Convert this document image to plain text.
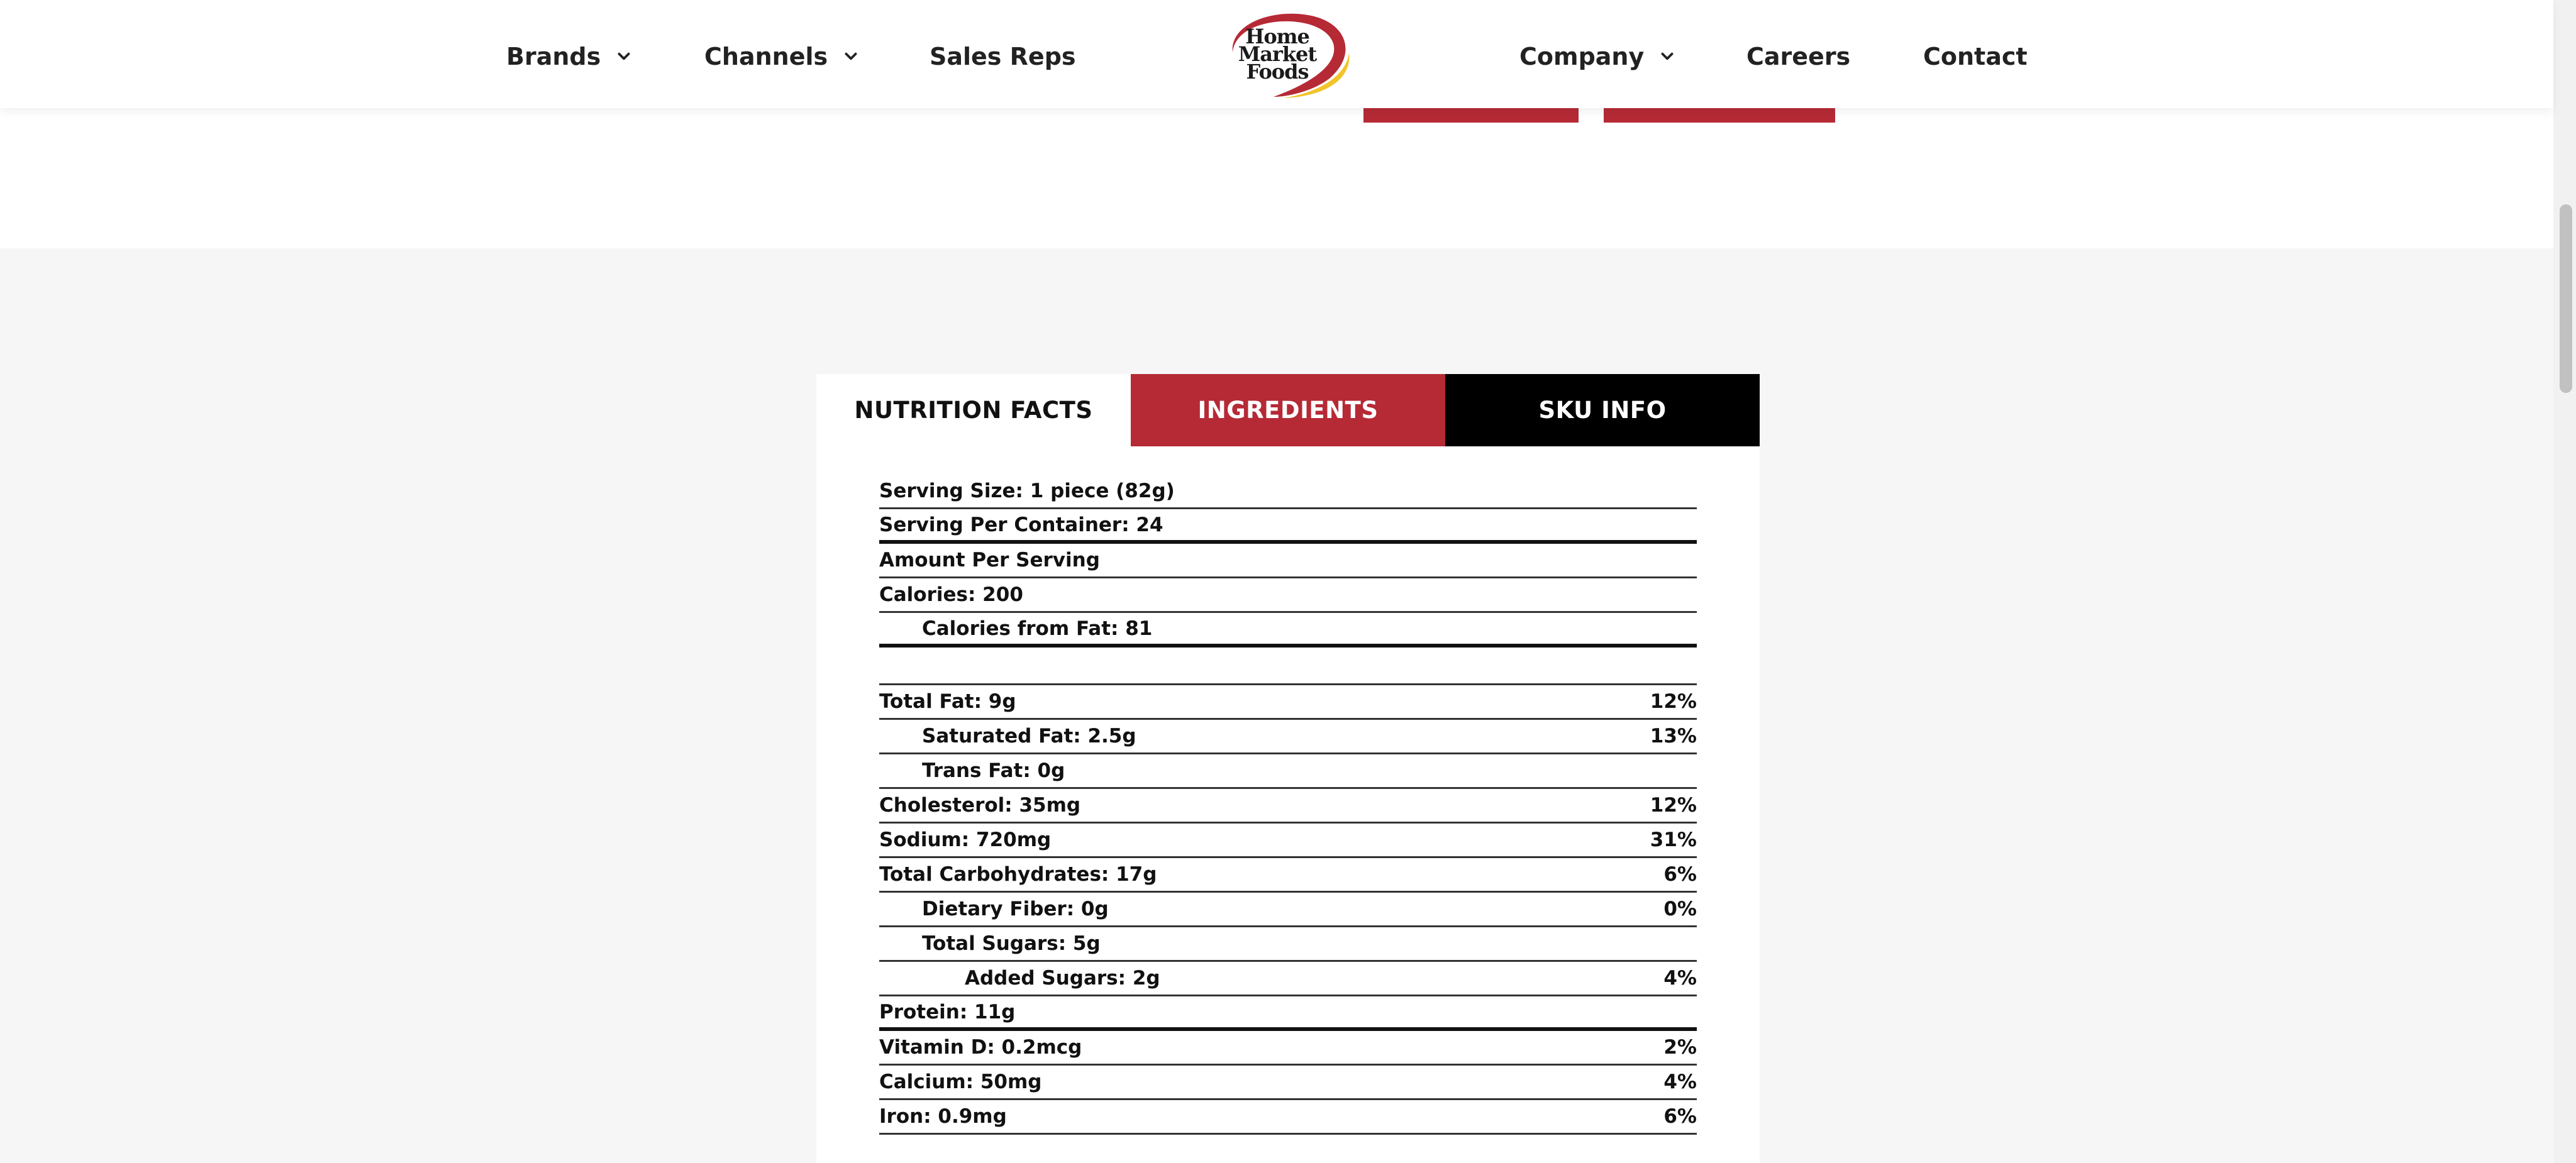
Brands	Channels	Sales Reps
Home
Market
Foods
Company	Careers	Contact
NUTRITION FACTS	INGREDIENTS	SKU INFO
Serving Size: 1 piece (82g)
Serving Per Container: 24
Amount Per Serving
Calories: 200
Calories from Fat: 81
Total Fat: 9g	12%
Saturated Fat: 2.5g	13%
Trans Fat: 0g
Cholesterol: 35mg	12%
Sodium: 720mg	31%
Total Carbohydrates: 17g	6%
Dietary Fiber: 0g	0%
Total Sugars: 5g
Added Sugars: 2g	4%
Protein: 11g
Vitamin D: 0.2mcg	2%
Calcium: 50mg	4%
Iron: 0.9mg	6%
